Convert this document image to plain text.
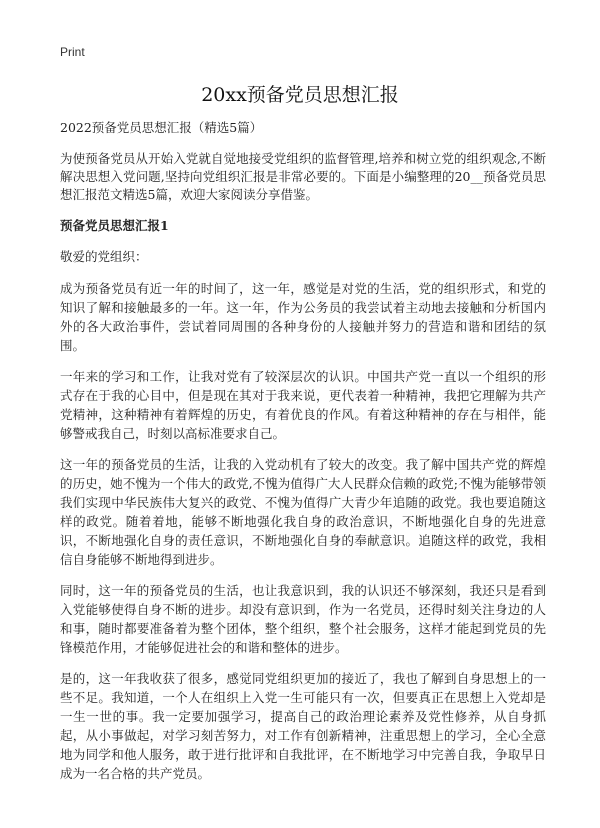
Print
20xx预备党员思想汇报

2022预备党员思想汇报（精选5篇）

为使预备党员从开始入党就自觉地接受党组织的监督管理,培养和树立党的组织观念,不断解决思想入党问题,坚持向党组织汇报是非常必要的。下面是小编整理的20__预备党员思想汇报范文精选5篇，欢迎大家阅读分享借鉴。

预备党员思想汇报1

敬爱的党组织：

成为预备党员有近一年的时间了，这一年，感觉是对党的生活，党的组织形式，和党的知识了解和接触最多的一年。这一年，作为公务员的我尝试着主动地去接触和分析国内外的各大政治事件，尝试着同周围的各种身份的人接触并努力的营造和谐和团结的氛围。

一年来的学习和工作，让我对党有了较深层次的认识。中国共产党一直以一个组织的形式存在于我的心目中，但是现在其对于我来说，更代表着一种精神，我把它理解为共产党精神，这种精神有着辉煌的历史，有着优良的作风。有着这种精神的存在与相伴，能够警戒我自己，时刻以高标准要求自己。

这一年的预备党员的生活，让我的入党动机有了较大的改变。我了解中国共产党的辉煌的历史，她不愧为一个伟大的政党,不愧为值得广大人民群众信赖的政党;不愧为能够带领我们实现中华民族伟大复兴的政党、不愧为值得广大青少年追随的政党。我也要追随这样的政党。随着着地，能够不断地强化我自身的政治意识，不断地强化自身的先进意识，不断地强化自身的责任意识，不断地强化自身的奉献意识。追随这样的政党，我相信自身能够不断地得到进步。

同时，这一年的预备党员的生活，也让我意识到，我的认识还不够深刻，我还只是看到入党能够使得自身不断的进步。却没有意识到，作为一名党员，还得时刻关注身边的人和事，随时都要准备着为整个团体，整个组织，整个社会服务，这样才能起到党员的先锋模范作用，才能够促进社会的和谐和整体的进步。

是的，这一年我收获了很多，感觉同党组织更加的接近了，我也了解到自身思想上的一些不足。我知道，一个人在组织上入党一生可能只有一次，但要真正在思想上入党却是一生一世的事。我一定要加强学习，提高自己的政治理论素养及党性修养，从自身抓起，从小事做起，对学习刻苦努力，对工作有创新精神，注重思想上的学习，全心全意地为同学和他人服务，敢于进行批评和自我批评，在不断地学习中完善自我，争取早日成为一名合格的共产党员。
